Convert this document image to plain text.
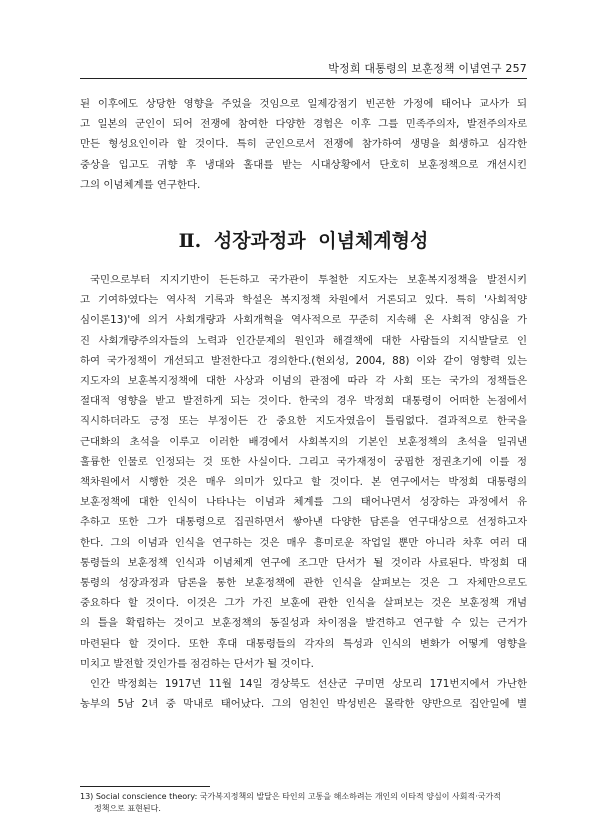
박정희 대통령의 보훈정책 이념연구 257
된 이후에도 상당한 영향을 주었을 것임으로 일제강점기 빈곤한 가정에 태어나 교사가 되
고 일본의 군인이 되어 전쟁에 참여한 다양한 경험은 이후 그를 민족주의자, 발전주의자로
만든 형성요인이라 할 것이다. 특히 군인으로서 전쟁에 참가하여 생명을 희생하고 심각한
중상을 입고도 귀향 후 냉대와 홀대를 받는 시대상황에서 단호히 보훈정책으로 개선시킨
그의 이념체계를 연구한다.
Ⅱ. 성장과정과 이념체계형성
국민으로부터 지지기반이 든든하고 국가관이 투철한 지도자는 보훈복지정책을 발전시키
고 기여하였다는 역사적 기록과 학설은 복지정책 차원에서 거론되고 있다. 특히 '사회적양
심이론13)'에 의거 사회개량과 사회개혁을 역사적으로 꾸준히 지속해 온 사회적 양심을 가
진 사회개량주의자들의 노력과 인간문제의 원인과 해결책에 대한 사람들의 지식발달로 인
하여 국가정책이 개선되고 발전한다고 경의한다.(현외성, 2004, 88) 이와 같이 영향력 있는
지도자의 보훈복지정책에 대한 사상과 이념의 관점에 따라 각 사회 또는 국가의 정책들은
절대적 영향을 받고 발전하게 되는 것이다. 한국의 경우 박정희 대통령이 어떠한 논점에서
직시하더라도 긍정 또는 부정이든 간 중요한 지도자였음이 틀림없다. 결과적으로 한국을
근대화의 초석을 이루고 이러한 배경에서 사회복지의 기본인 보훈정책의 초석을 일궈낸
훌륭한 인물로 인정되는 것 또한 사실이다. 그리고 국가재정이 궁핍한 정권초기에 이를 정
책차원에서 시행한 것은 매우 의미가 있다고 할 것이다. 본 연구에서는 박정희 대통령의
보훈정책에 대한 인식이 나타나는 이념과 체계를 그의 태어나면서 성장하는 과정에서 유
추하고 또한 그가 대통령으로 집권하면서 쌓아낸 다양한 담론을 연구대상으로 선정하고자
한다. 그의 이념과 인식을 연구하는 것은 매우 흥미로운 작업일 뿐만 아니라 차후 여러 대
통령들의 보훈정책 인식과 이념체계 연구에 조그만 단서가 될 것이라 사료된다. 박정희 대
통령의 성장과정과 담론을 통한 보훈정책에 관한 인식을 살펴보는 것은 그 자체만으로도
중요하다 할 것이다. 이것은 그가 가진 보훈에 관한 인식을 살펴보는 것은 보훈정책 개념
의 틀을 확립하는 것이고 보훈정책의 동질성과 차이점을 발견하고 연구할 수 있는 근거가
마련된다 할 것이다. 또한 후대 대통령들의 각자의 특성과 인식의 변화가 어떻게 영향을
미치고 발전할 것인가를 점검하는 단서가 될 것이다.
인간 박정희는 1917년 11월 14일 경상북도 선산군 구미면 상모리 171번지에서 가난한
농부의 5남 2녀 중 막내로 태어났다. 그의 엄친인 박성빈은 몰락한 양반으로 집안일에 별
13) Social conscience theory: 국가복지정책의 발달은 타인의 고통을 해소하려는 개인의 이타적 양심이 사회적·국가적
정책으로 표현된다.
